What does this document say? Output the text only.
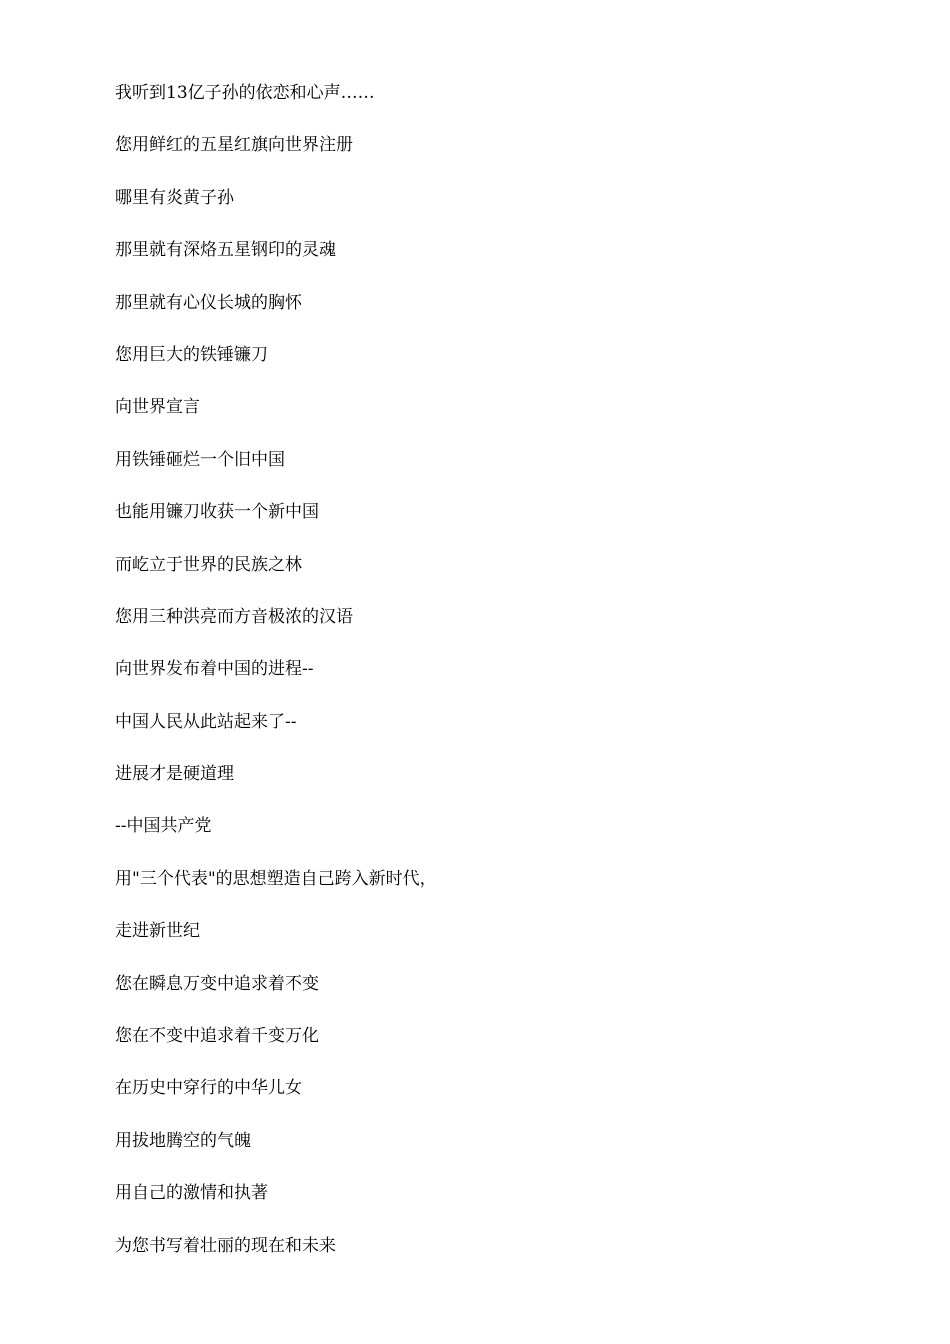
我听到13亿子孙的依恋和心声……
您用鲜红的五星红旗向世界注册
哪里有炎黄子孙
那里就有深烙五星钢印的灵魂
那里就有心仪长城的胸怀
您用巨大的铁锤镰刀
向世界宣言
用铁锤砸烂一个旧中国
也能用镰刀收获一个新中国
而屹立于世界的民族之林
您用三种洪亮而方音极浓的汉语
向世界发布着中国的进程--
中国人民从此站起来了--
进展才是硬道理
--中国共产党
用"三个代表"的思想塑造自己跨入新时代，
走进新世纪
您在瞬息万变中追求着不变
您在不变中追求着千变万化
在历史中穿行的中华儿女
用拔地腾空的气魄
用自己的激情和执著
为您书写着壮丽的现在和未来
